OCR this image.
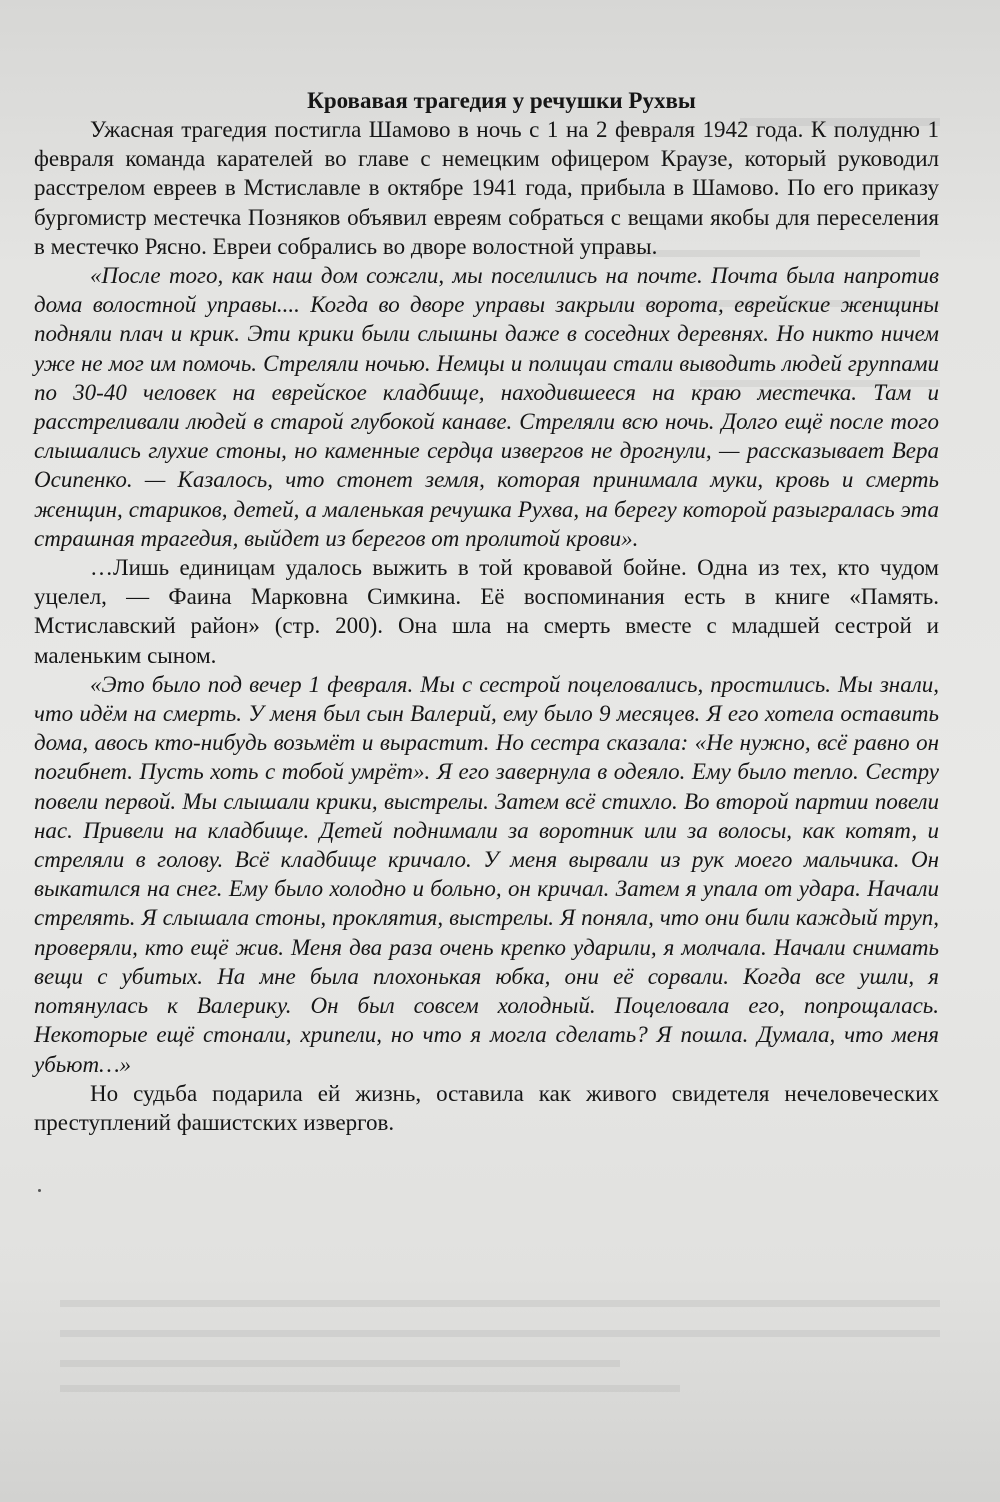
Кровавая трагедия у речушки Рухвы

Ужасная трагедия постигла Шамово в ночь с 1 на 2 февраля 1942 года. К полудню 1 февраля команда карателей во главе с немецким офицером Краузе, который руководил расстрелом евреев в Мстиславле в октябре 1941 года, прибыла в Шамово. По его приказу бургомистр местечка Позняков объявил евреям собраться с вещами якобы для переселения в местечко Рясно. Евреи собрались во дворе волостной управы.

«После того, как наш дом сожгли, мы поселились на почте. Почта была напротив дома волостной управы.... Когда во дворе управы закрыли ворота, еврейские женщины подняли плач и крик. Эти крики были слышны даже в соседних деревнях. Но никто ничем уже не мог им помочь. Стреляли ночью. Немцы и полицаи стали выводить людей группами по 30-40 человек на еврейское кладбище, находившееся на краю местечка. Там и расстреливали людей в старой глубокой канаве. Стреляли всю ночь. Долго ещё после того слышались глухие стоны, но каменные сердца извергов не дрогнули, — рассказывает Вера Осипенко. — Казалось, что стонет земля, которая принимала муки, кровь и смерть женщин, стариков, детей, а маленькая речушка Рухва, на берегу которой разыгралась эта страшная трагедия, выйдет из берегов от пролитой крови».

…Лишь единицам удалось выжить в той кровавой бойне. Одна из тех, кто чудом уцелел, — Фаина Марковна Симкина. Её воспоминания есть в книге «Память. Мстиславский район» (стр. 200). Она шла на смерть вместе с младшей сестрой и маленьким сыном.

«Это было под вечер 1 февраля. Мы с сестрой поцеловались, простились. Мы знали, что идём на смерть. У меня был сын Валерий, ему было 9 месяцев. Я его хотела оставить дома, авось кто-нибудь возьмёт и вырастит. Но сестра сказала: «Не нужно, всё равно он погибнет. Пусть хоть с тобой умрёт». Я его завернула в одеяло. Ему было тепло. Сестру повели первой. Мы слышали крики, выстрелы. Затем всё стихло. Во второй партии повели нас. Привели на кладбище. Детей поднимали за воротник или за волосы, как котят, и стреляли в голову. Всё кладбище кричало. У меня вырвали из рук моего мальчика. Он выкатился на снег. Ему было холодно и больно, он кричал. Затем я упала от удара. Начали стрелять. Я слышала стоны, проклятия, выстрелы. Я поняла, что они били каждый труп, проверяли, кто ещё жив. Меня два раза очень крепко ударили, я молчала. Начали снимать вещи с убитых. На мне была плохонькая юбка, они её сорвали. Когда все ушли, я потянулась к Валерику. Он был совсем холодный. Поцеловала его, попрощалась. Некоторые ещё стонали, хрипели, но что я могла сделать? Я пошла. Думала, что меня убьют…»

Но судьба подарила ей жизнь, оставила как живого свидетеля нечеловеческих преступлений фашистских извергов.
